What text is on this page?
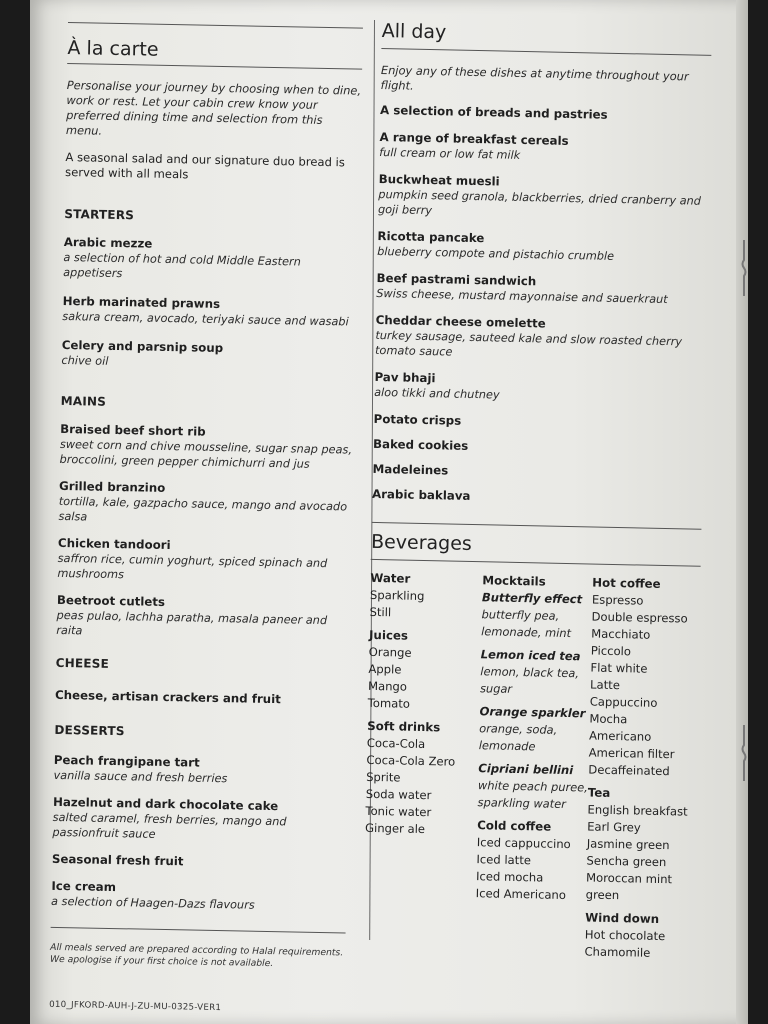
À la carte
Personalise your journey by choosing when to dine, work or rest. Let your cabin crew know your preferred dining time and selection from this menu.
A seasonal salad and our signature duo bread is served with all meals
STARTERS
Arabic mezze
a selection of hot and cold Middle Eastern appetisers
Herb marinated prawns
sakura cream, avocado, teriyaki sauce and wasabi
Celery and parsnip soup
chive oil
MAINS
Braised beef short rib
sweet corn and chive mousseline, sugar snap peas, broccolini, green pepper chimichurri and jus
Grilled branzino
tortilla, kale, gazpacho sauce, mango and avocado salsa
Chicken tandoori
saffron rice, cumin yoghurt, spiced spinach and mushrooms
Beetroot cutlets
peas pulao, lachha paratha, masala paneer and raita
CHEESE
Cheese, artisan crackers and fruit
DESSERTS
Peach frangipane tart
vanilla sauce and fresh berries
Hazelnut and dark chocolate cake
salted caramel, fresh berries, mango and passionfruit sauce
Seasonal fresh fruit
Ice cream
a selection of Haagen-Dazs flavours
All meals served are prepared according to Halal requirements. We apologise if your first choice is not available.
010_JFKORD-AUH-J-ZU-MU-0325-VER1
All day
Enjoy any of these dishes at anytime throughout your flight.
A selection of breads and pastries
A range of breakfast cereals
full cream or low fat milk
Buckwheat muesli
pumpkin seed granola, blackberries, dried cranberry and goji berry
Ricotta pancake
blueberry compote and pistachio crumble
Beef pastrami sandwich
Swiss cheese, mustard mayonnaise and sauerkraut
Cheddar cheese omelette
turkey sausage, sauteed kale and slow roasted cherry tomato sauce
Pav bhaji
aloo tikki and chutney
Potato crisps
Baked cookies
Madeleines
Arabic baklava
Beverages
Water
Sparkling
Still
Juices
Orange
Apple
Mango
Tomato
Soft drinks
Coca-Cola
Coca-Cola Zero
Sprite
Soda water
Tonic water
Ginger ale
Mocktails
Butterfly effect
butterfly pea, lemonade, mint
Lemon iced tea
lemon, black tea, sugar
Orange sparkler
orange, soda, lemonade
Cipriani bellini
white peach puree, sparkling water
Cold coffee
Iced cappuccino
Iced latte
Iced mocha
Iced Americano
Hot coffee
Espresso
Double espresso
Macchiato
Piccolo
Flat white
Latte
Cappuccino
Mocha
Americano
American filter
Decaffeinated
Tea
English breakfast
Earl Grey
Jasmine green
Sencha green
Moroccan mint green
Wind down
Hot chocolate
Chamomile
